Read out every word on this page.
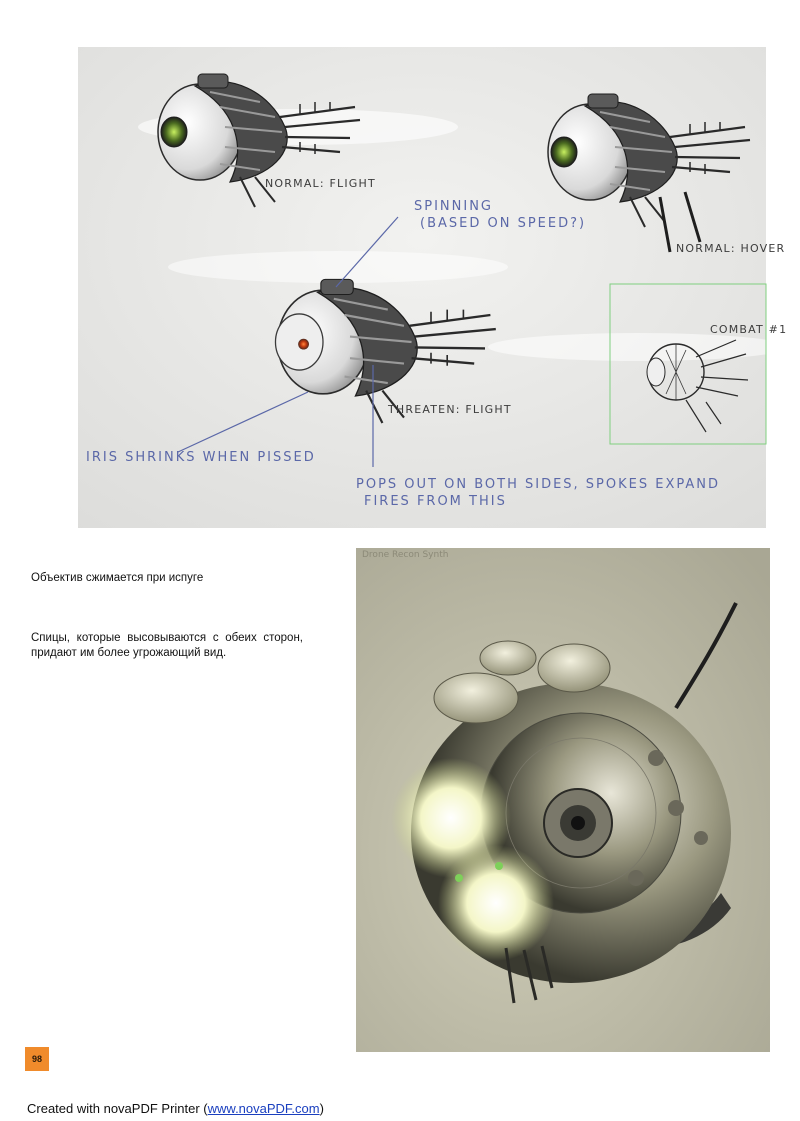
NORMAL: FLIGHT
SPINNING
(BASED ON SPEED?)
NORMAL: HOVER
THREATEN: FLIGHT
IRIS SHRINKS WHEN PISSED
POPS OUT ON BOTH SIDES, SPOKES EXPAND
FIRES FROM THIS
COMBAT #1
Drone Recon Synth
Объектив сжимается при испуге
Спицы, которые высовываются с обеих сторон, придают им более угрожающий вид.
98
Created with novaPDF Printer (www.novaPDF.com)
